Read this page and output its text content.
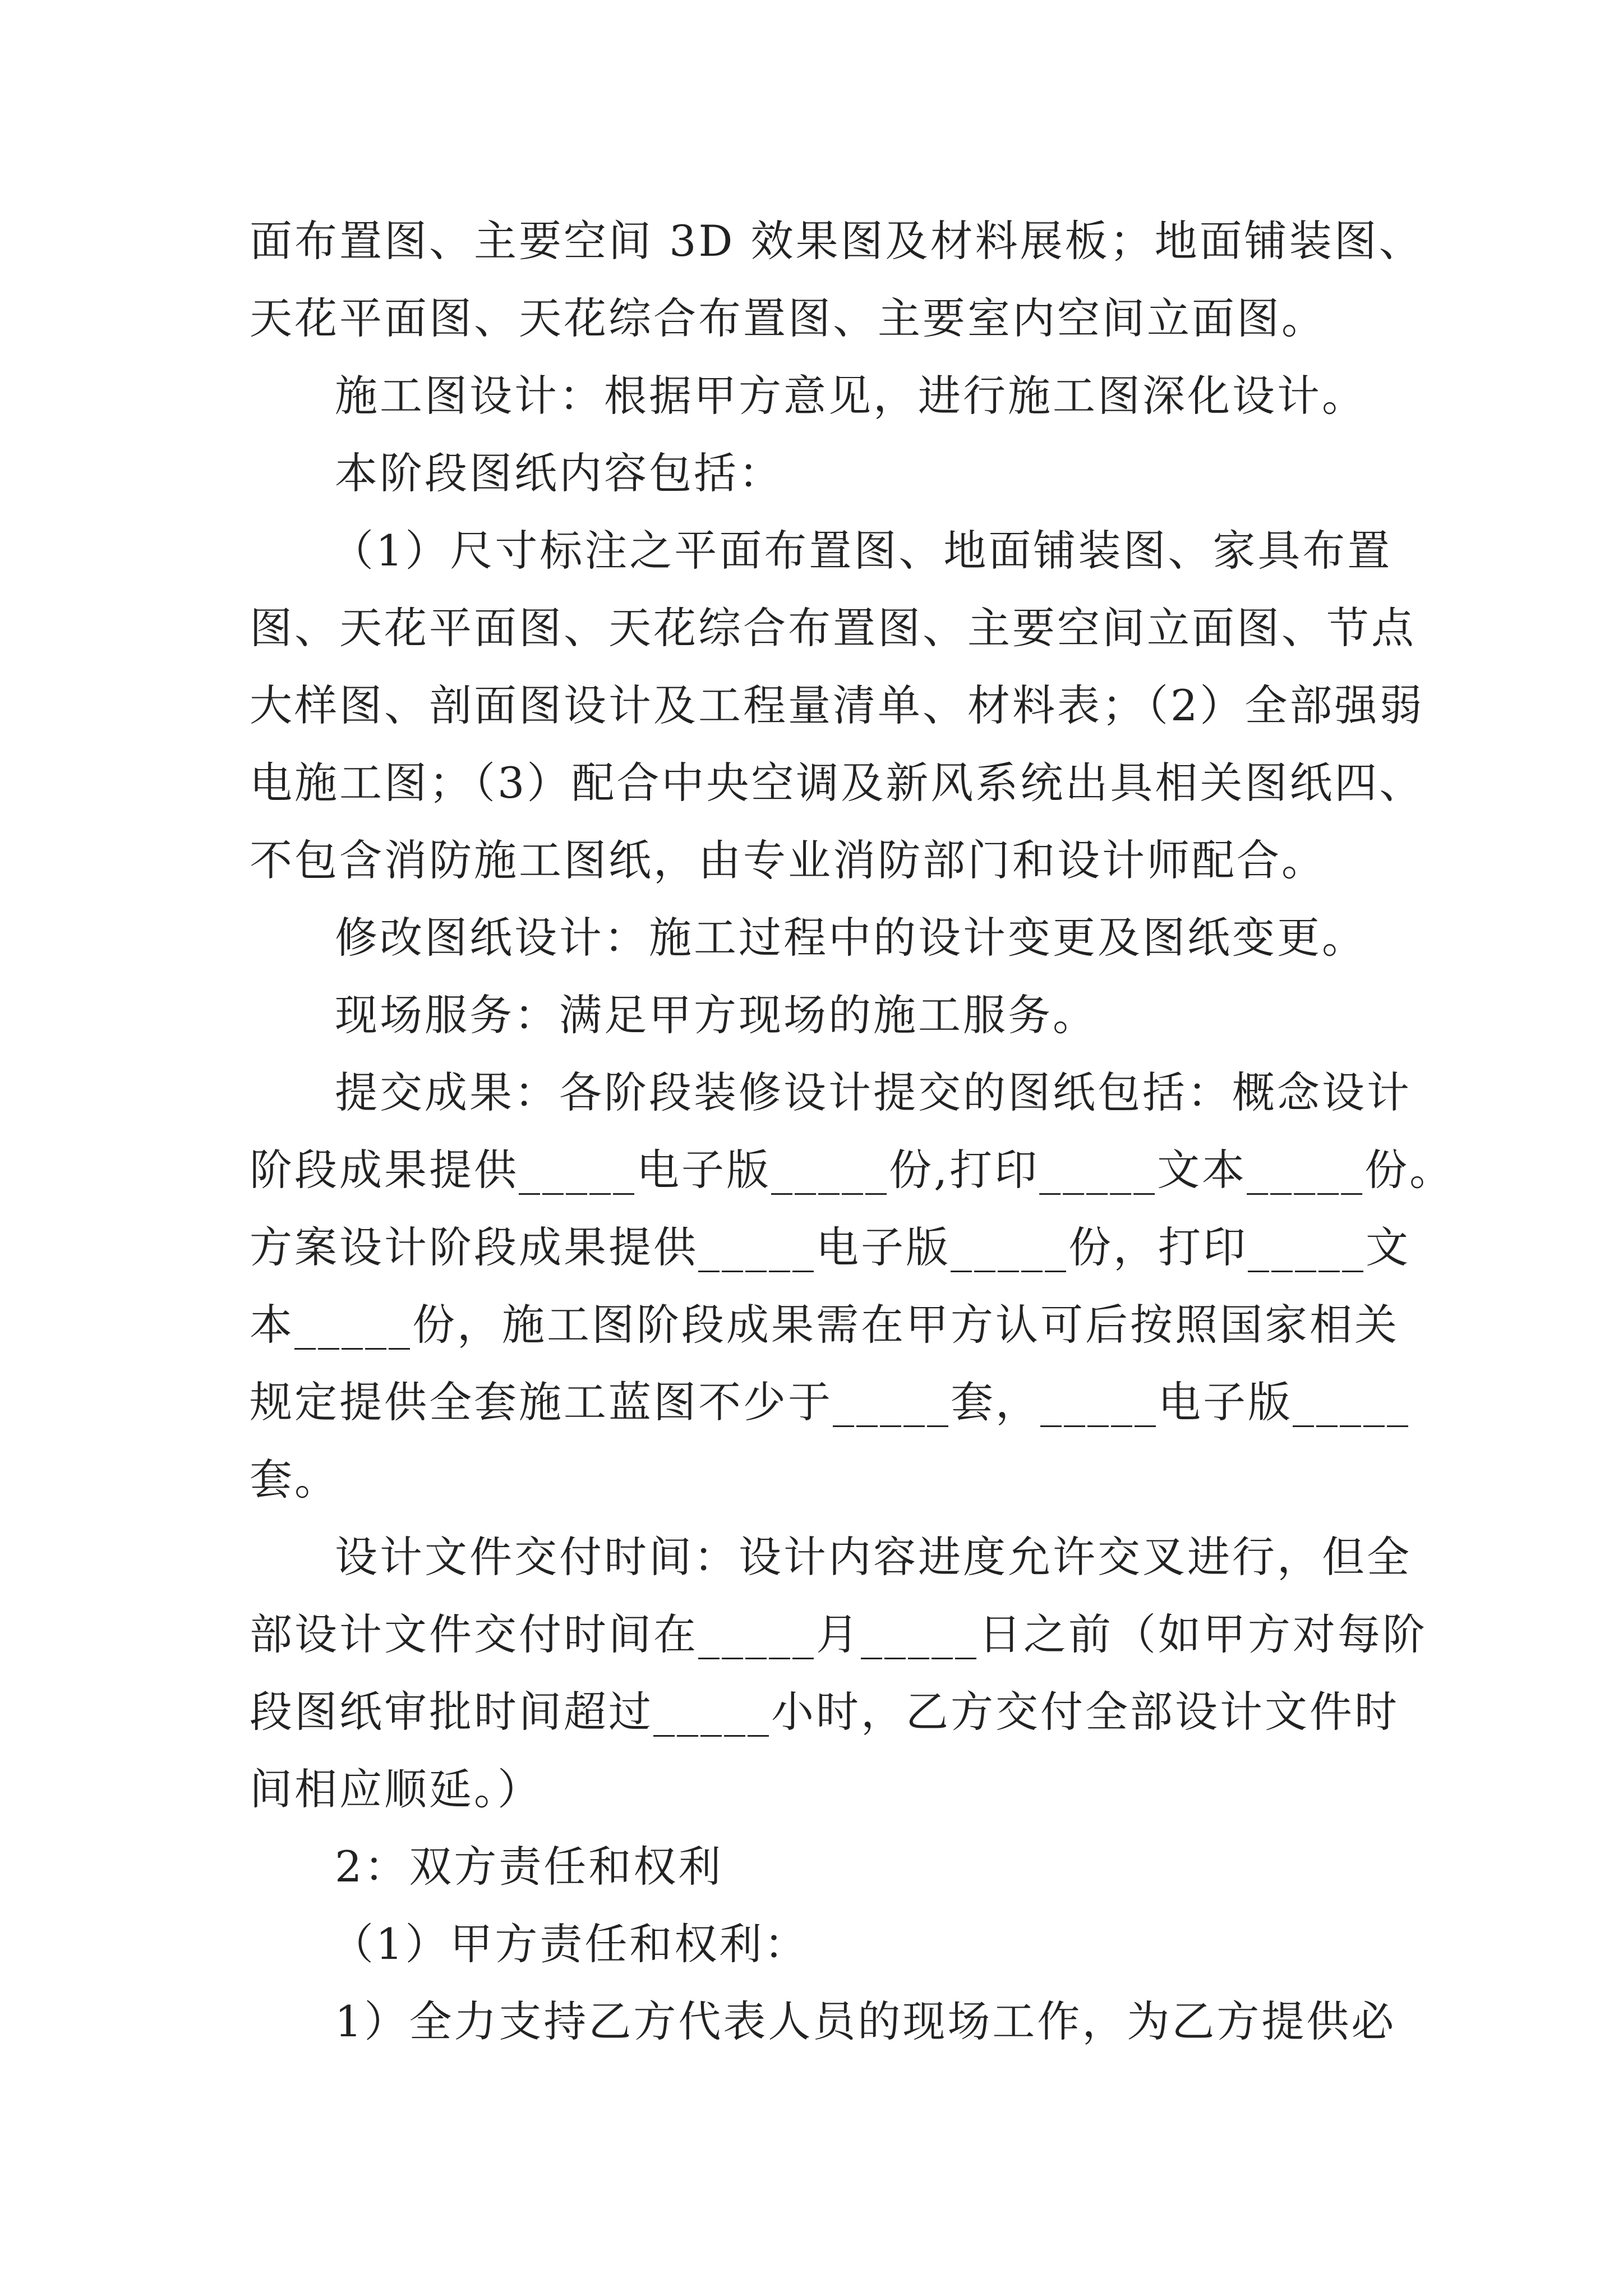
面布置图、主要空间 3D 效果图及材料展板；地面铺装图、
天花平面图、天花综合布置图、主要室内空间立面图。
施工图设计：根据甲方意见，进行施工图深化设计。
本阶段图纸内容包括：
（1）尺寸标注之平面布置图、地面铺装图、家具布置
图、天花平面图、天花综合布置图、主要空间立面图、节点
大样图、剖面图设计及工程量清单、材料表；（2）全部强弱
电施工图；（3）配合中央空调及新风系统出具相关图纸四、
不包含消防施工图纸，由专业消防部门和设计师配合。
修改图纸设计：施工过程中的设计变更及图纸变更。
现场服务：满足甲方现场的施工服务。
提交成果：各阶段装修设计提交的图纸包括：概念设计
阶段成果提供_____电子版_____份,打印_____文本_____份。
方案设计阶段成果提供_____电子版_____份，打印_____文
本_____份，施工图阶段成果需在甲方认可后按照国家相关
规定提供全套施工蓝图不少于_____套，_____电子版_____
套。
设计文件交付时间：设计内容进度允许交叉进行，但全
部设计文件交付时间在_____月_____日之前（如甲方对每阶
段图纸审批时间超过_____小时，乙方交付全部设计文件时
间相应顺延。）
2：双方责任和权利
（1）甲方责任和权利：
1）全力支持乙方代表人员的现场工作，为乙方提供必
